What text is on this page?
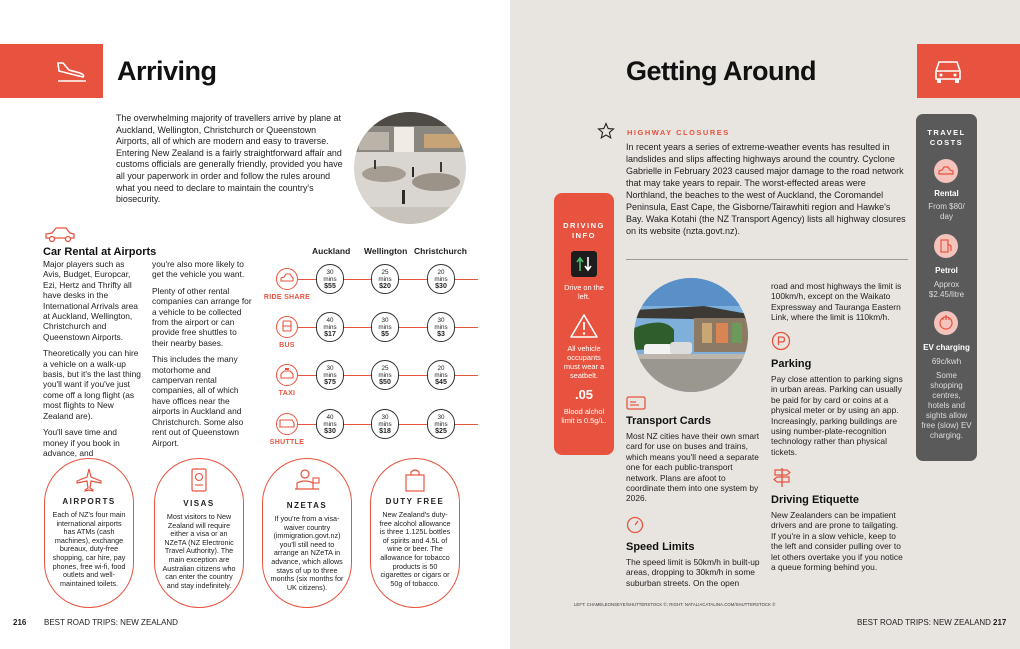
Arriving
The overwhelming majority of travellers arrive by plane at Auckland, Wellington, Christchurch or Queenstown Airports, all of which are modern and easy to traverse. Entering New Zealand is a fairly straightforward affair and customs officials are generally friendly, provided you have all your paperwork in order and follow the rules around what you need to declare to maintain the country's biosecurity.
Car Rental at Airports

Major players such as Avis, Budget, Europcar, Ezi, Hertz and Thrifty all have desks in the International Arrivals area at Auckland, Wellington, Christchurch and Queenstown Airports.

Theoretically you can hire a vehicle on a walk-up basis, but it's the last thing you'll want if you've just come off a long flight (as most flights to New Zealand are).

You'll save time and money if you book in advance, and

you're also more likely to get the vehicle you want.

Plenty of other rental companies can arrange for a vehicle to be collected from the airport or can provide free shuttles to their nearby bases.

This includes the many motorhome and campervan rental companies, all of which have offices near the airports in Auckland and Christchurch. Some also rent out of Queenstown Airport.

Auckland Wellington Christchurch
RIDE SHARE
30
mins
$55
25
mins
$20
20
mins
$30
BUS
40
mins
$17
30
mins
$5
30
mins
$3
TAXI
30
mins
$75
25
mins
$50
20
mins
$45
SHUTTLE
40
mins
$30
30
mins
$18
30
mins
$25
AIRPORTS
Each of NZ's four main international airports has ATMs (cash machines), exchange bureaux, duty-free shopping, car hire, pay phones, free wi-fi, food outlets and well-maintained toilets.
VISAS
Most visitors to New Zealand will require either a visa or an NZeTA (NZ Electronic Travel Authority). The main exception are Australian citizens who can enter the country and stay indefinitely.
NZETAS
If you're from a visa-waiver country (immigration.govt.nz) you'll still need to arrange an NZeTA in advance, which allows stays of up to three months (six months for UK citizens).
DUTY FREE
New Zealand's duty-free alcohol allowance is three 1.125L bottles of spirits and 4.5L of wine or beer. The allowance for tobacco products is 50 cigarettes or cigars or 50g of tobacco.
216 BEST ROAD TRIPS: NEW ZEALAND
Getting Around
HIGHWAY CLOSURES
In recent years a series of extreme-weather events has resulted in landslides and slips affecting highways around the country. Cyclone Gabrielle in February 2023 caused major damage to the road network that may take years to repair. The worst-effected areas were Northland, the beaches to the west of Auckland, the Coromandel Peninsula, East Cape, the Gisborne/Tairawhiti region and Hawke's Bay. Waka Kotahi (the NZ Transport Agency) lists all highway closures on its website (nzta.govt.nz).
DRIVING
INFO
Drive on the left.
All vehicle occupants must wear a seatbelt.
.05
Blood alchol limit is 0.5g/L.
TRAVEL
COSTS
Rental
From $80/ day
Petrol
Approx $2.45/litre
EV charging
69c/kwh
Some shopping centres, hotels and sights allow free (slow) EV charging.
Transport Cards
Most NZ cities have their own smart card for use on buses and trains, which means you'll need a separate one for each public-transport network. Plans are afoot to coordinate them into one system by 2026.
Speed Limits
The speed limit is 50km/h in built-up areas, dropping to 30km/h in some suburban streets. On the open
road and most highways the limit is 100km/h, except on the Waikato Expressway and Tauranga Eastern Link, where the limit is 110km/h.
Parking
Pay close attention to parking signs in urban areas. Parking can usually be paid for by card or coins at a physical meter or by using an app. Increasingly, parking buildings are using number-plate-recognition technology rather than physical tickets.
Driving Etiquette
New Zealanders can be impatient drivers and are prone to tailgating. If you're in a slow vehicle, keep to the left and consider pulling over to let others overtake you if you notice a queue forming behind you.
LEFT: CHAMELEONSEYE/SHUTTERSTOCK ©; RIGHT: NATALIACATALINA.COM/SHUTTERSTOCK ©
BEST ROAD TRIPS: NEW ZEALAND 217
